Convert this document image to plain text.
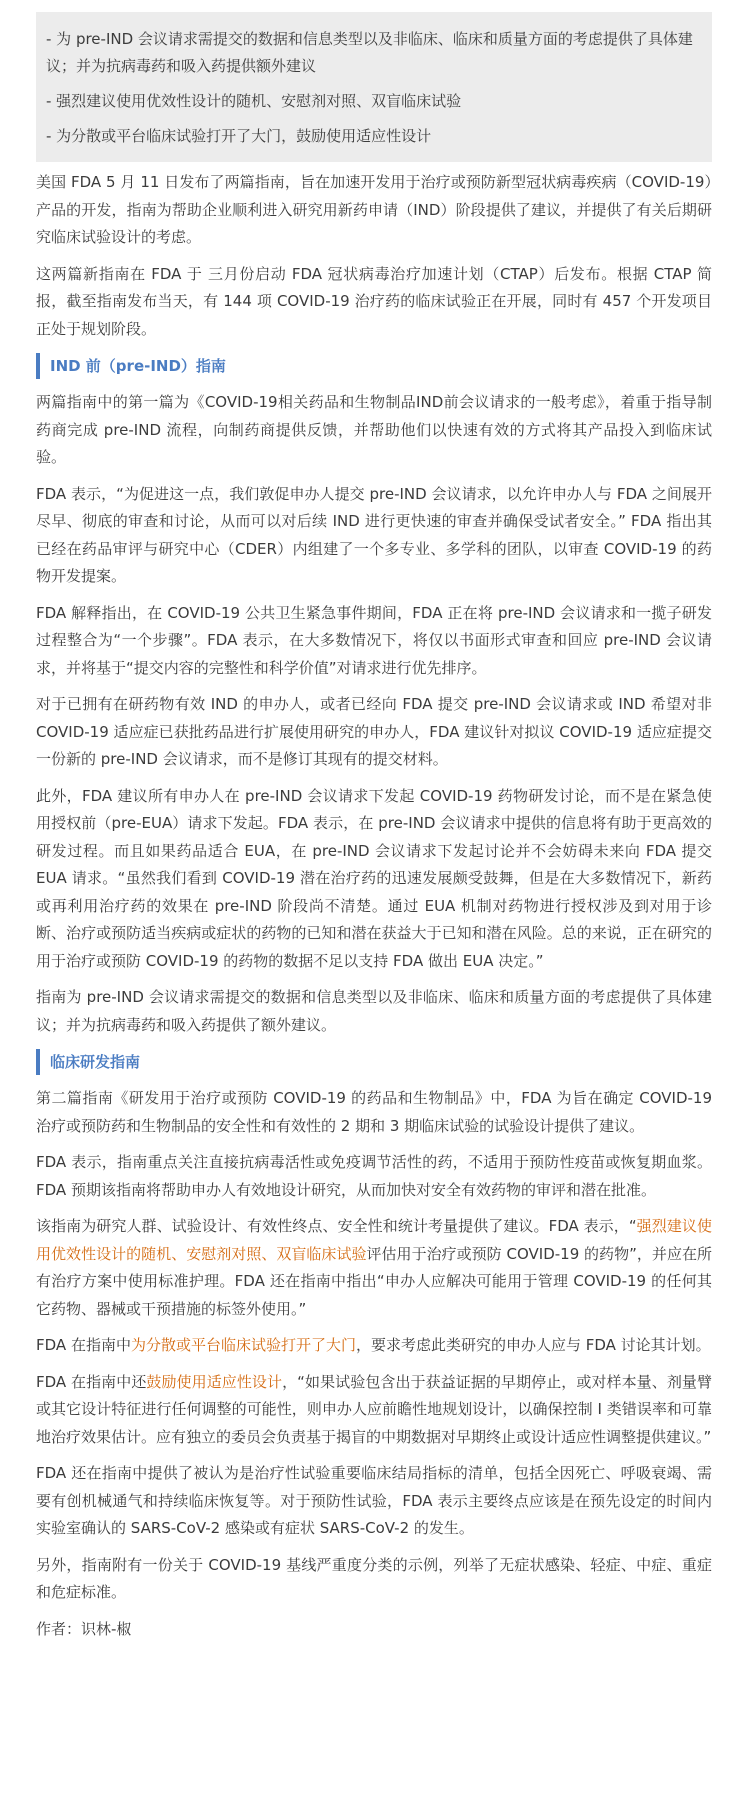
- 为 pre-IND 会议请求需提交的数据和信息类型以及非临床、临床和质量方面的考虑提供了具体建议；并为抗病毒药和吸入药提供额外建议

- 强烈建议使用优效性设计的随机、安慰剂对照、双盲临床试验

- 为分散或平台临床试验打开了大门，鼓励使用适应性设计

美国 FDA 5 月 11 日发布了两篇指南，旨在加速开发用于治疗或预防新型冠状病毒疾病（COVID-19）产品的开发，指南为帮助企业顺利进入研究用新药申请（IND）阶段提供了建议，并提供了有关后期研究临床试验设计的考虑。

这两篇新指南在 FDA 于 三月份启动 FDA 冠状病毒治疗加速计划（CTAP）后发布。根据 CTAP 简报，截至指南发布当天，有 144 项 COVID-19 治疗药的临床试验正在开展，同时有 457 个开发项目正处于规划阶段。

IND 前（pre-IND）指南

两篇指南中的第一篇为《COVID-19相关药品和生物制品IND前会议请求的一般考虑》，着重于指导制药商完成 pre-IND 流程，向制药商提供反馈，并帮助他们以快速有效的方式将其产品投入到临床试验。

FDA 表示，“为促进这一点，我们敦促申办人提交 pre-IND 会议请求，以允许申办人与 FDA 之间展开尽早、彻底的审查和讨论，从而可以对后续 IND 进行更快速的审查并确保受试者安全。” FDA 指出其已经在药品审评与研究中心（CDER）内组建了一个多专业、多学科的团队，以审查 COVID-19 的药物开发提案。

FDA 解释指出，在 COVID-19 公共卫生紧急事件期间，FDA 正在将 pre-IND 会议请求和一揽子研发过程整合为“一个步骤”。FDA 表示，在大多数情况下，将仅以书面形式审查和回应 pre-IND 会议请求，并将基于“提交内容的完整性和科学价值”对请求进行优先排序。

对于已拥有在研药物有效 IND 的申办人，或者已经向 FDA 提交 pre-IND 会议请求或 IND 希望对非 COVID-19 适应症已获批药品进行扩展使用研究的申办人，FDA 建议针对拟议 COVID-19 适应症提交一份新的 pre-IND 会议请求，而不是修订其现有的提交材料。

此外，FDA 建议所有申办人在 pre-IND 会议请求下发起 COVID-19 药物研发讨论，而不是在紧急使用授权前（pre-EUA）请求下发起。FDA 表示，在 pre-IND 会议请求中提供的信息将有助于更高效的研发过程。而且如果药品适合 EUA，在 pre-IND 会议请求下发起讨论并不会妨碍未来向 FDA 提交 EUA 请求。“虽然我们看到 COVID-19 潜在治疗药的迅速发展颇受鼓舞，但是在大多数情况下，新药或再利用治疗药的效果在 pre-IND 阶段尚不清楚。通过 EUA 机制对药物进行授权涉及到对用于诊断、治疗或预防适当疾病或症状的药物的已知和潜在获益大于已知和潜在风险。总的来说，正在研究的用于治疗或预防 COVID-19 的药物的数据不足以支持 FDA 做出 EUA 决定。”

指南为 pre-IND 会议请求需提交的数据和信息类型以及非临床、临床和质量方面的考虑提供了具体建议；并为抗病毒药和吸入药提供了额外建议。

临床研发指南

第二篇指南《研发用于治疗或预防 COVID-19 的药品和生物制品》中，FDA 为旨在确定 COVID-19 治疗或预防药和生物制品的安全性和有效性的 2 期和 3 期临床试验的试验设计提供了建议。

FDA 表示，指南重点关注直接抗病毒活性或免疫调节活性的药，不适用于预防性疫苗或恢复期血浆。FDA 预期该指南将帮助申办人有效地设计研究，从而加快对安全有效药物的审评和潜在批准。

该指南为研究人群、试验设计、有效性终点、安全性和统计考量提供了建议。FDA 表示，“强烈建议使用优效性设计的随机、安慰剂对照、双盲临床试验评估用于治疗或预防 COVID-19 的药物”，并应在所有治疗方案中使用标准护理。FDA 还在指南中指出“申办人应解决可能用于管理 COVID-19 的任何其它药物、器械或干预措施的标签外使用。”

FDA 在指南中为分散或平台临床试验打开了大门，要求考虑此类研究的申办人应与 FDA 讨论其计划。

FDA 在指南中还鼓励使用适应性设计，“如果试验包含出于获益证据的早期停止，或对样本量、剂量臂或其它设计特征进行任何调整的可能性，则申办人应前瞻性地规划设计，以确保控制 I 类错误率和可靠地治疗效果估计。应有独立的委员会负责基于揭盲的中期数据对早期终止或设计适应性调整提供建议。”

FDA 还在指南中提供了被认为是治疗性试验重要临床结局指标的清单，包括全因死亡、呼吸衰竭、需要有创机械通气和持续临床恢复等。对于预防性试验，FDA 表示主要终点应该是在预先设定的时间内实验室确认的 SARS-CoV-2 感染或有症状 SARS-CoV-2 的发生。

另外，指南附有一份关于 COVID-19 基线严重度分类的示例，列举了无症状感染、轻症、中症、重症和危症标准。

作者：识林-椒
